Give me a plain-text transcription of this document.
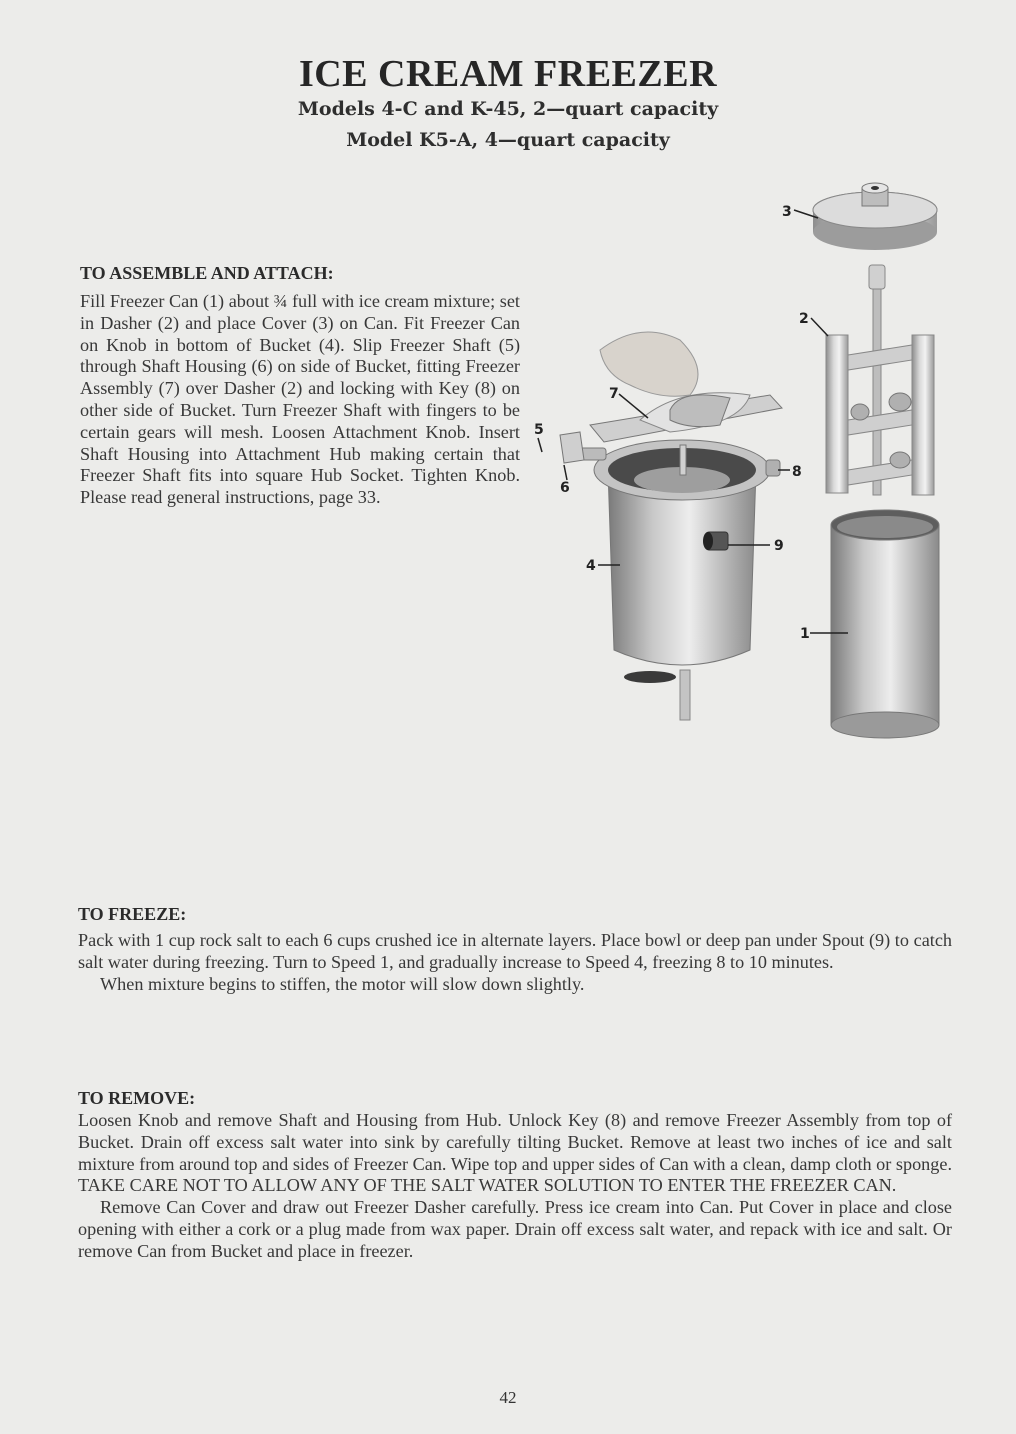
ICE CREAM FREEZER
Models 4-C and K-45, 2—quart capacity
Model K5-A, 4—quart capacity
TO ASSEMBLE AND ATTACH:

Fill Freezer Can (1) about ¾ full with ice cream mixture; set in Dasher (2) and place Cover (3) on Can. Fit Freezer Can on Knob in bottom of Bucket (4). Slip Freezer Shaft (5) through Shaft Housing (6) on side of Bucket, fitting Freezer Assembly (7) over Dasher (2) and locking with Key (8) on other side of Bucket. Turn Freezer Shaft with fingers to be certain gears will mesh. Loosen Attachment Knob. Insert Shaft Housing into Attachment Hub making certain that Freezer Shaft fits into square Hub Socket. Tighten Knob. Please read general instructions, page 33.

3
2
7
5
6
8
9
4
1
TO FREEZE:

Pack with 1 cup rock salt to each 6 cups crushed ice in alternate layers. Place bowl or deep pan under Spout (9) to catch salt water during freezing. Turn to Speed 1, and gradually increase to Speed 4, freezing 8 to 10 minutes.

When mixture begins to stiffen, the motor will slow down slightly.

TO REMOVE:

Loosen Knob and remove Shaft and Housing from Hub. Unlock Key (8) and remove Freezer Assembly from top of Bucket. Drain off excess salt water into sink by carefully tilting Bucket. Remove at least two inches of ice and salt mixture from around top and sides of Freezer Can. Wipe top and upper sides of Can with a clean, damp cloth or sponge. TAKE CARE NOT TO ALLOW ANY OF THE SALT WATER SOLUTION TO ENTER THE FREEZER CAN.

Remove Can Cover and draw out Freezer Dasher carefully. Press ice cream into Can. Put Cover in place and close opening with either a cork or a plug made from wax paper. Drain off excess salt water, and repack with ice and salt. Or remove Can from Bucket and place in freezer.

42
